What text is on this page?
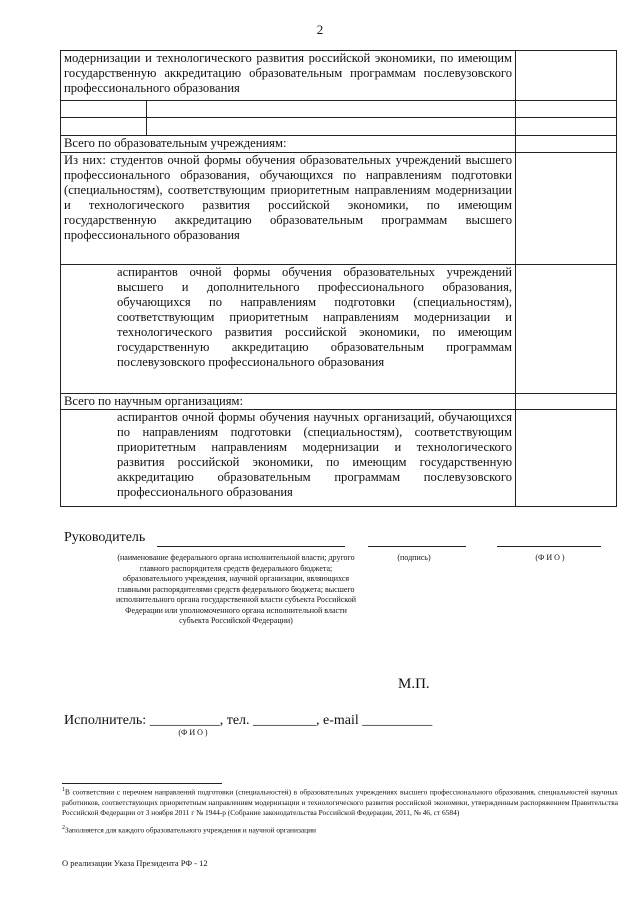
2
модернизации и технологического развития российской экономики, по имеющим государственную аккредитацию образовательным программам послевузовского профессионального образования		

Всего по образовательным учреждениям:		
Из них: студентов очной формы обучения образовательных учреждений высшего профессионального образования, обучающихся по направлениям подготовки (специальностям), соответствующим приоритетным направлениям модернизации и технологического развития российской экономики, по имеющим государственную аккредитацию образовательным программам высшего профессионального образования		
аспирантов очной формы обучения образовательных учреждений высшего и дополнительного профессионального образования, обучающихся по направлениям подготовки (специальностям), соответствующим приоритетным направлениям модернизации и технологического развития российской экономики, по имеющим государственную аккредитацию образовательным программам послевузовского профессионального образования		
Всего по научным организациям:		
аспирантов очной формы обучения научных организаций, обучающихся по направлениям подготовки (специальностям), соответствующим приоритетным направлениям модернизации и технологического развития российской экономики, по имеющим государственную аккредитацию образовательным программам послевузовского профессионального образования		
Руководитель
(наименование федерального органа исполнительной власти; другого главного распорядителя средств федерального бюджета; образовательного учреждения, научной организации, являющихся главными распорядителями средств федерального бюджета; высшего исполнительного органа государственной власти субъекта Российской Федерации или уполномоченного органа исполнительной власти субъекта Российской Федерации)
(подпись)	(Ф И О )
М.П.
Исполнитель: __________, тел. _________, e-mail __________
(Ф И О )
$^1$В соответствии с перечнем направлений подготовки (специальностей) в образовательных учреждениях высшего профессионального образования, специальностей научных работников, соответствующих приоритетным направлениям модернизации и технологического развития российской экономики, утвержденным распоряжением Правительства Российской Федерации от 3 ноября 2011 г № 1944-р (Собрание законодательства Российской Федерации, 2011, № 46, ст 6584)
$^2$Заполняется для каждого образовательного учреждения и научной организации
О реализации Указа Президента РФ - 12
